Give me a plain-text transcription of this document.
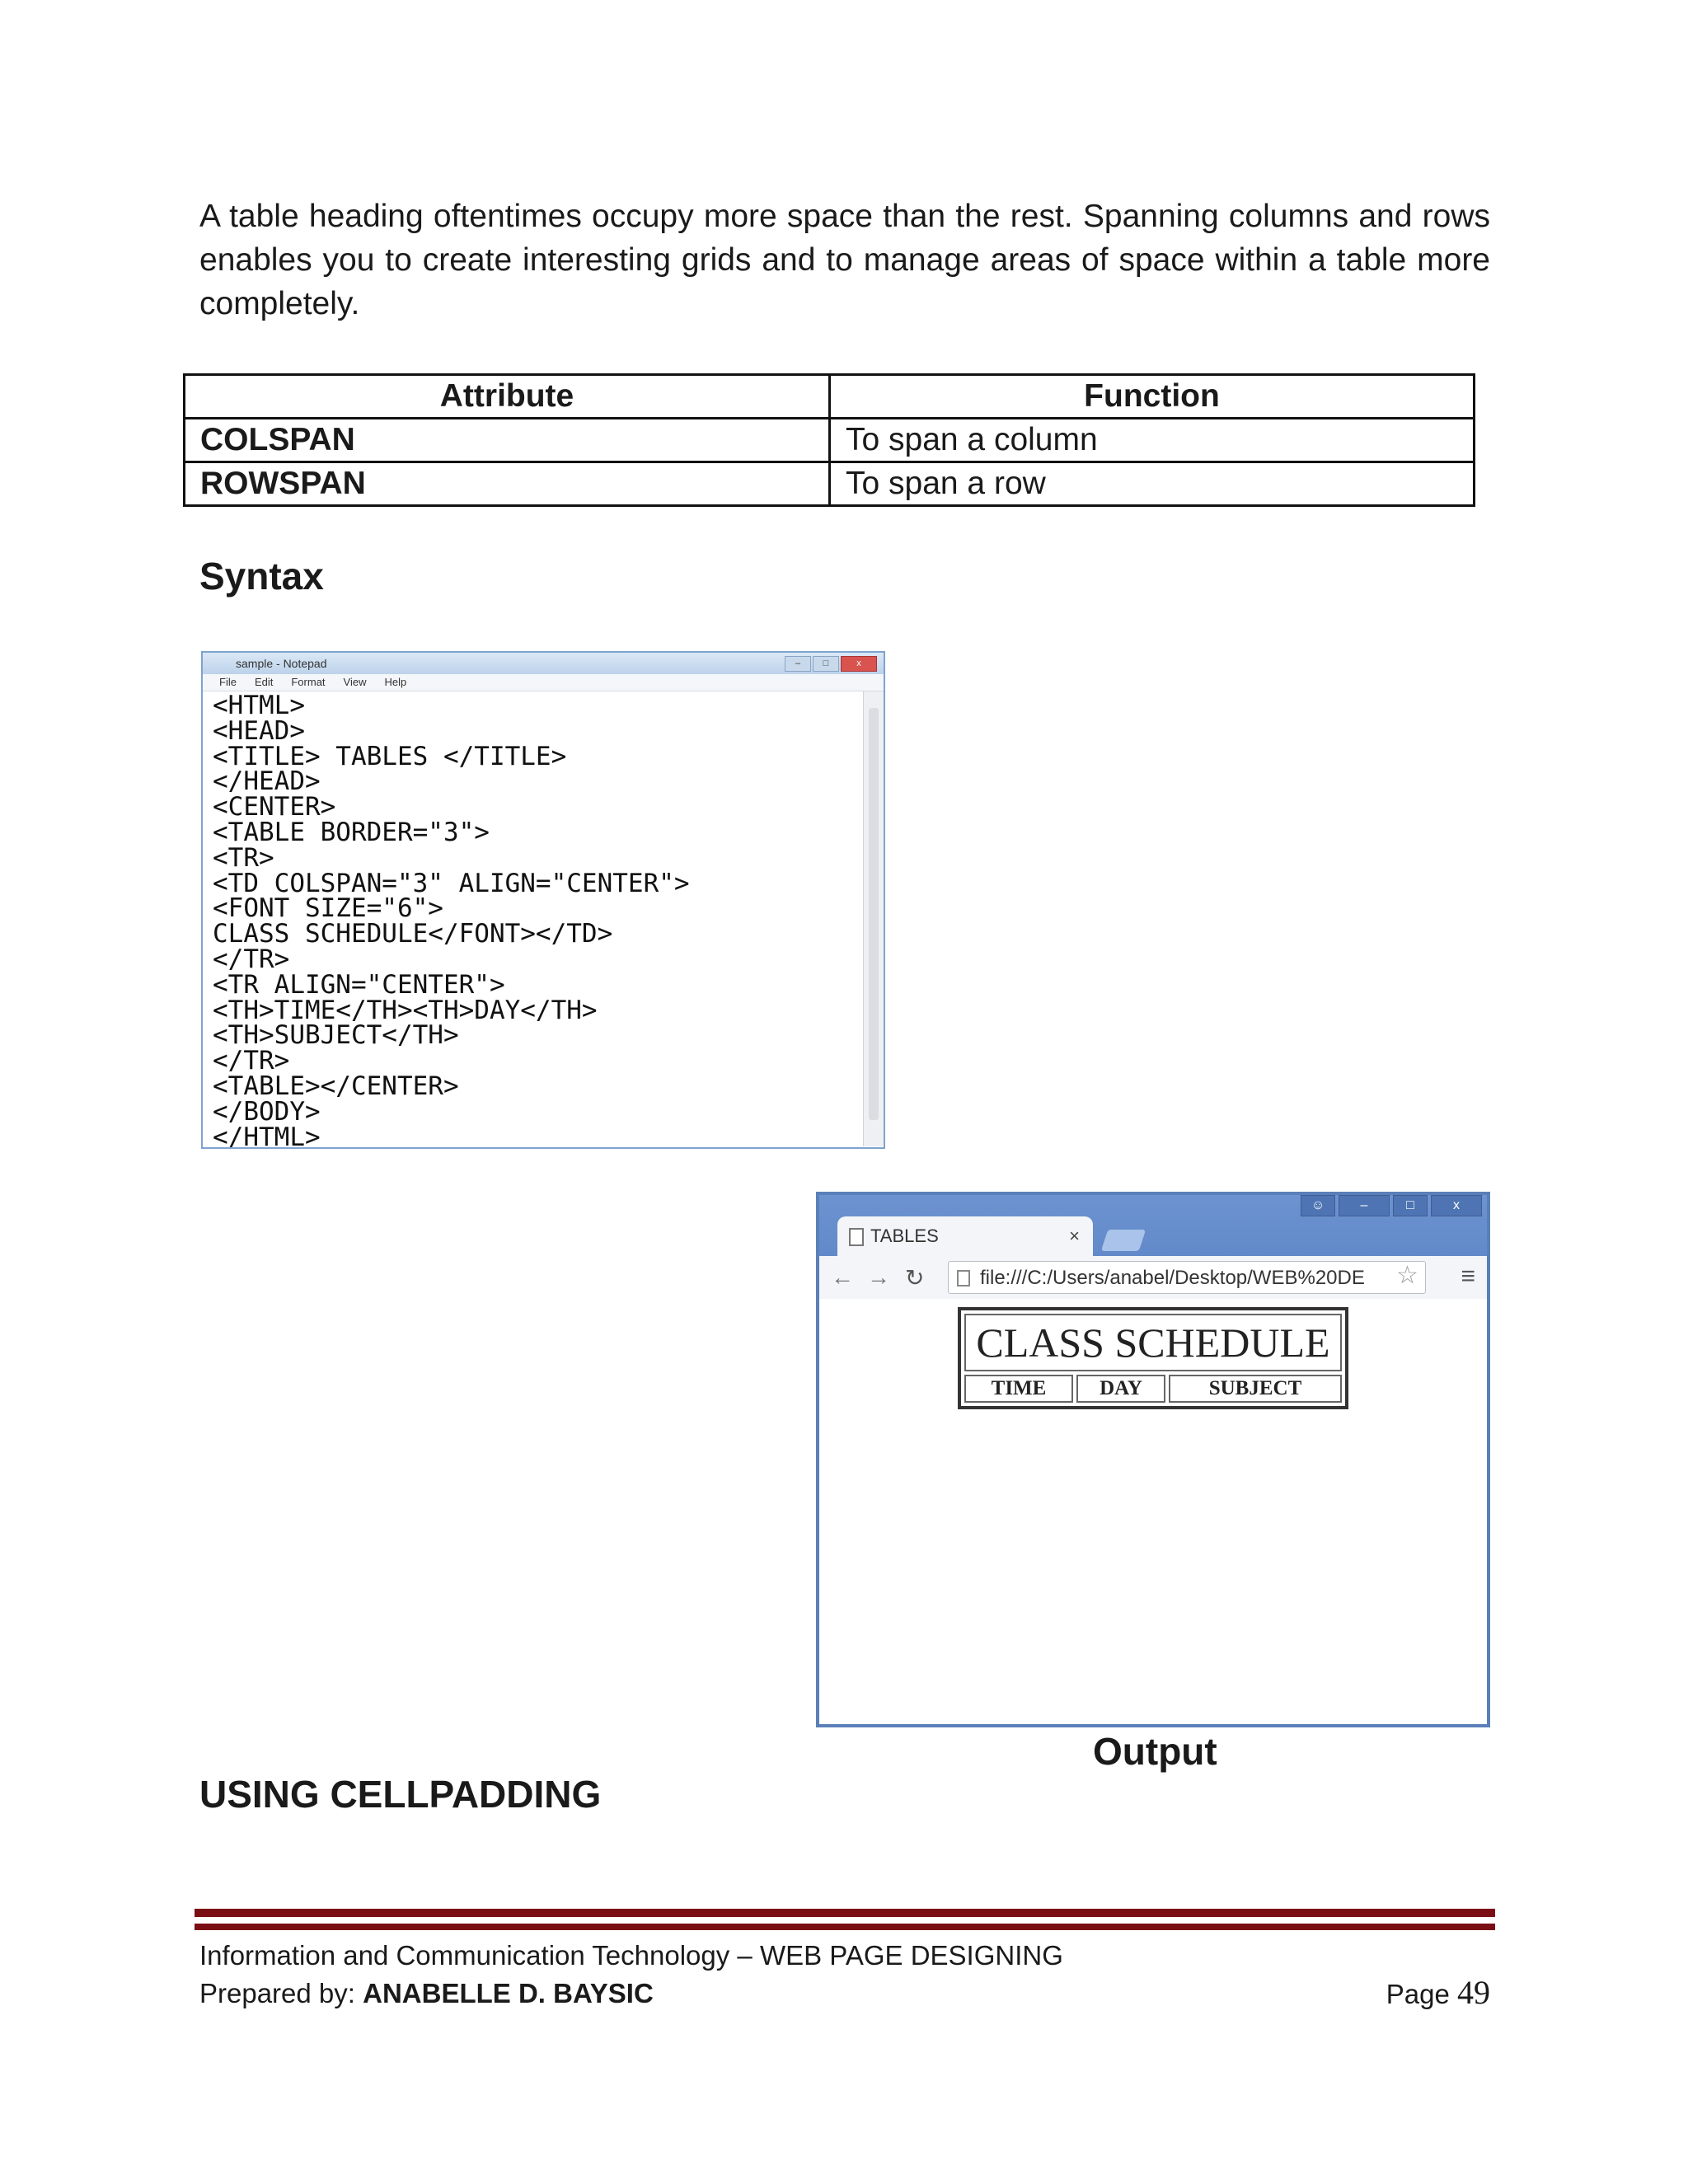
A table heading oftentimes occupy more space than the rest. Spanning columns and rows enables you to create interesting grids and to manage areas of space within a table more completely.

Attribute	Function
COLSPAN	To span a column
ROWSPAN	To span a row
Syntax
sample - Notepad	–	□	x
File Edit Format View Help
<HTML>
<HEAD>
<TITLE> TABLES </TITLE>
</HEAD>
<CENTER>
<TABLE BORDER="3">
<TR>
<TD COLSPAN="3" ALIGN="CENTER">
<FONT SIZE="6">
CLASS SCHEDULE</FONT></TD>
</TR>
<TR ALIGN="CENTER">
<TH>TIME</TH><TH>DAY</TH>
<TH>SUBJECT</TH>
</TR>
<TABLE></CENTER>
</BODY>
</HTML>
☺	–	□	x
TABLES	×
← → ↻	file:///C:/Users/anabel/Desktop/WEB%20DE	☆ ≡
CLASS SCHEDULE
TIME	DAY	SUBJECT
Output
USING CELLPADDING
Information and Communication Technology – WEB PAGE DESIGNING
Prepared by: ANABELLE D. BAYSIC	Page 49
